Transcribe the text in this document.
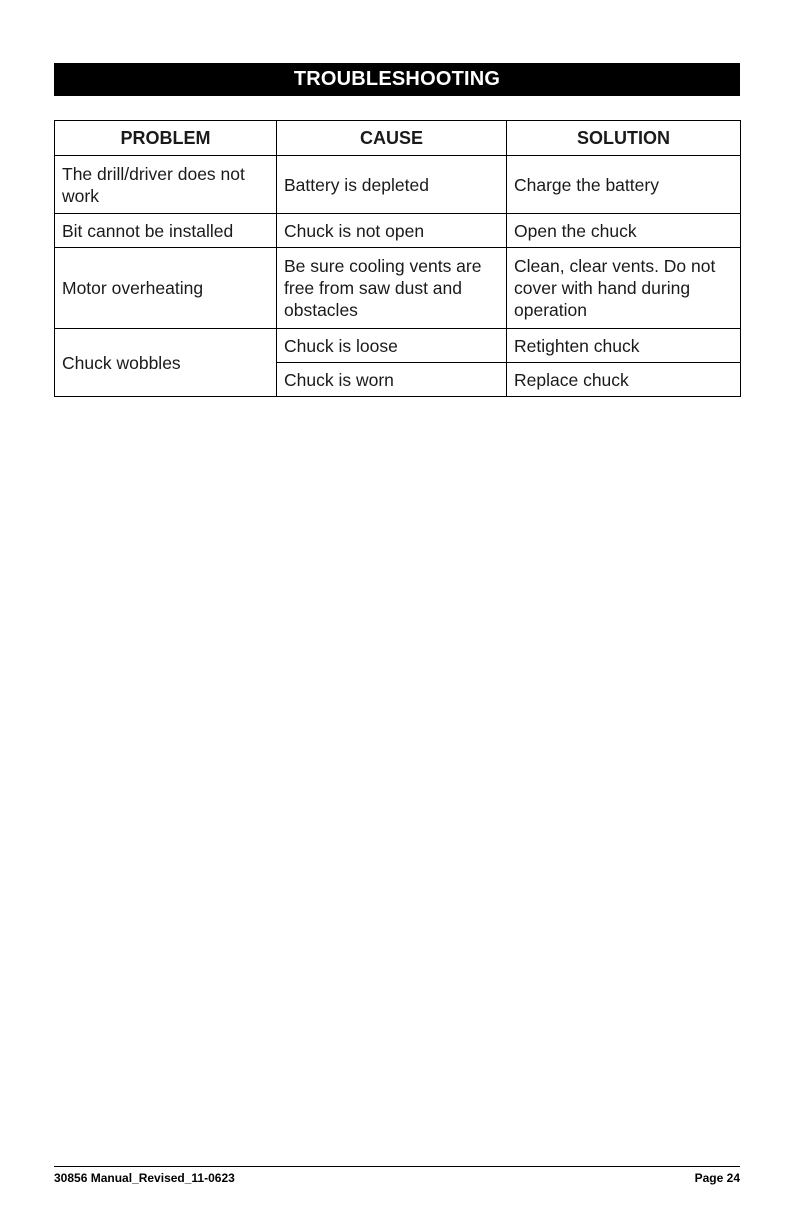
TROUBLESHOOTING
PROBLEM	CAUSE	SOLUTION
The drill/driver does not work	Battery is depleted	Charge the battery
Bit cannot be installed	Chuck is not open	Open the chuck
Motor overheating	Be sure cooling vents are free from saw dust and obstacles	Clean, clear vents. Do not cover with hand during operation
Chuck wobbles	Chuck is loose	Retighten chuck
	Chuck is worn	Replace chuck
30856 Manual_Revised_11-0623	Page 24
